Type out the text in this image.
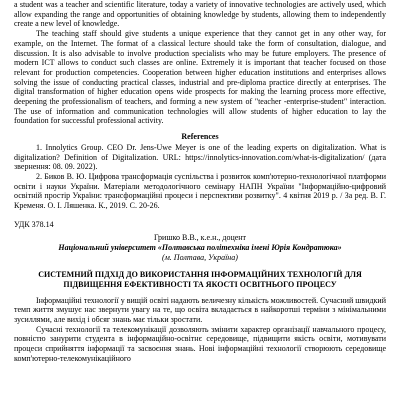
a student was a teacher and scientific literature, today a variety of innovative technologies are actively used, which allow expanding the range and opportunities of obtaining knowledge by students, allowing them to independently create a new level of knowledge.

The teaching staff should give students a unique experience that they cannot get in any other way, for example, on the Internet. The format of a classical lecture should take the form of consultation, dialogue, and discussion. It is also advisable to involve production specialists who may be future employers. The presence of modern ICT allows to conduct such classes are online. Extremely it is important that teacher focused on those relevant for production competencies. Cooperation between higher education institutions and enterprises allows solving the issue of conducting practical classes, industrial and pre-diploma practice directly at enterprises. The digital transformation of higher education opens wide prospects for making the learning process more effective, deepening the professionalism of teachers, and forming a new system of "teacher -enterprise-student" interaction. The use of information and communication technologies will allow students of higher education to lay the foundation for successful professional activity.

References

1. Innolytics Group. CEO Dr. Jens-Uwe Meyer is one of the leading experts on digitalization. What is digitalization? Definition of Digitalization. URL: https://innolytics-innovation.com/what-is-digitalization/ (дата звернення: 08. 09. 2022).

2. Биков В. Ю. Цифрова трансформація суспільства і розвиток комп'ютерно-технологічної платформи освіти і науки України. Матеріали методологічного семінару НАПН України "Інформаційно-цифровий освітній простір України: трансформаційні процеси і перспективи розвитку". 4 квітня 2019 р. / За ред. В. Г. Кременя. О. І. Ляшенка. К., 2019. С. 20-26.

УДК 378.14
Гришко В.В., к.е.н., доцент
Національний університет «Полтавська політехніка імені Юрія Кондратюка»
(м. Полтава, Україна)
СИСТЕМНИЙ ПІДХІД ДО ВИКОРИСТАННЯ ІНФОРМАЦІЙНИХ ТЕХНОЛОГІЙ ДЛЯ ПІДВИЩЕННЯ ЕФЕКТИВНОСТІ ТА ЯКОСТІ ОСВІТНЬОГО ПРОЦЕСУ

Інформаційні технології у вищій освіті надають величезну кількість можливостей. Сучасний швидкий темп життя змушує нас звернути увагу на те, що освіта вкладається в найкоротші терміни з мінімальними зусиллями, але вихід і обсяг знань має тільки зростати.

Сучасні технології та телекомунікації дозволяють змінити характер організації навчального процесу, повністю занурити студента в інформаційно-освітнє середовище, підвищити якість освіти, мотивувати процеси сприйняття інформації та засвоєння знань. Нові інформаційні технології створюють середовище комп'ютерно-телекомунікаційного
